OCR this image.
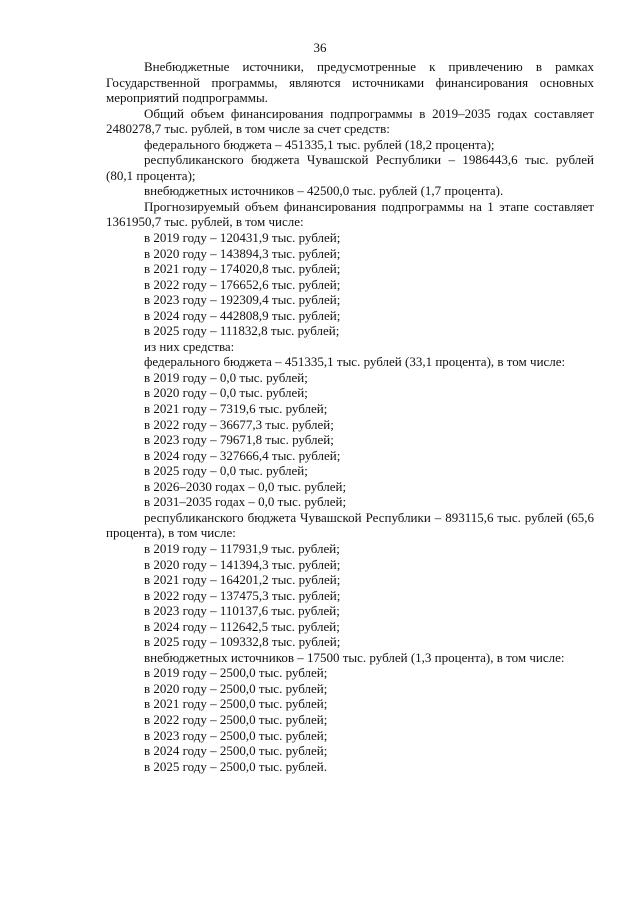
36

Внебюджетные источники, предусмотренные к привлечению в рамках Государственной программы, являются источниками финансирования основных мероприятий подпрограммы.

Общий объем финансирования подпрограммы в 2019–2035 годах составляет 2480278,7 тыс. рублей, в том числе за счет средств:

федерального бюджета – 451335,1 тыс. рублей (18,2 процента);

республиканского бюджета Чувашской Республики – 1986443,6 тыс. рублей (80,1 процента);

внебюджетных источников – 42500,0 тыс. рублей (1,7 процента).

Прогнозируемый объем финансирования подпрограммы на 1 этапе составляет 1361950,7 тыс. рублей, в том числе:

в 2019 году – 120431,9 тыс. рублей;

в 2020 году – 143894,3 тыс. рублей;

в 2021 году – 174020,8 тыс. рублей;

в 2022 году – 176652,6 тыс. рублей;

в 2023 году – 192309,4 тыс. рублей;

в 2024 году – 442808,9 тыс. рублей;

в 2025 году – 111832,8 тыс. рублей;

из них средства:

федерального бюджета – 451335,1 тыс. рублей (33,1 процента), в том числе:

в 2019 году – 0,0 тыс. рублей;

в 2020 году – 0,0 тыс. рублей;

в 2021 году – 7319,6 тыс. рублей;

в 2022 году – 36677,3 тыс. рублей;

в 2023 году – 79671,8 тыс. рублей;

в 2024 году – 327666,4 тыс. рублей;

в 2025 году – 0,0 тыс. рублей;

в 2026–2030 годах – 0,0 тыс. рублей;

в 2031–2035 годах – 0,0 тыс. рублей;

республиканского бюджета Чувашской Республики – 893115,6 тыс. рублей (65,6 процента), в том числе:

в 2019 году – 117931,9 тыс. рублей;

в 2020 году – 141394,3 тыс. рублей;

в 2021 году – 164201,2 тыс. рублей;

в 2022 году – 137475,3 тыс. рублей;

в 2023 году – 110137,6 тыс. рублей;

в 2024 году – 112642,5 тыс. рублей;

в 2025 году – 109332,8 тыс. рублей;

внебюджетных источников – 17500 тыс. рублей (1,3 процента), в том числе:

в 2019 году – 2500,0 тыс. рублей;

в 2020 году – 2500,0 тыс. рублей;

в 2021 году – 2500,0 тыс. рублей;

в 2022 году – 2500,0 тыс. рублей;

в 2023 году – 2500,0 тыс. рублей;

в 2024 году – 2500,0 тыс. рублей;

в 2025 году – 2500,0 тыс. рублей.
